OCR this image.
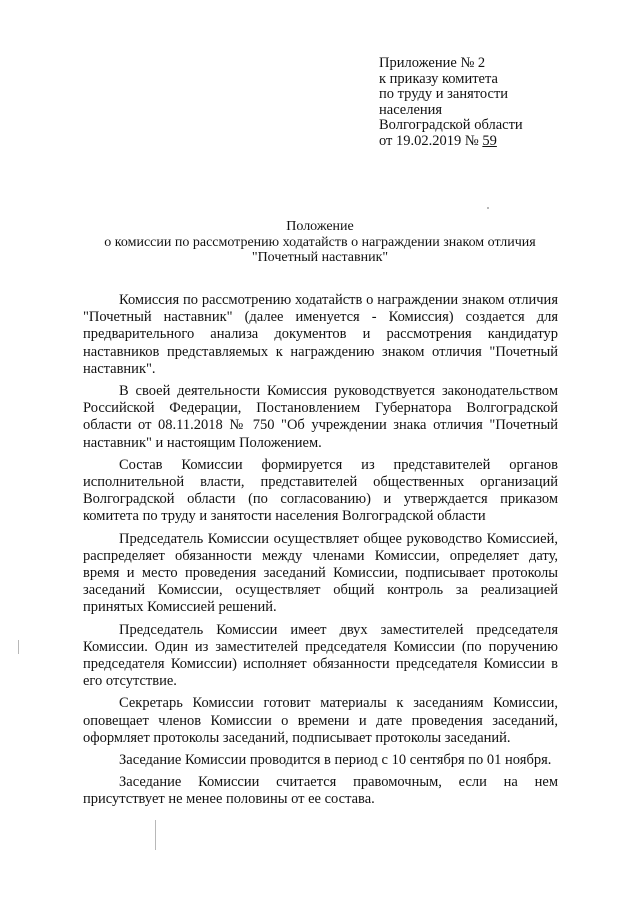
Приложение № 2
к приказу комитета
по труду и занятости
населения
Волгоградской области
от 19.02.2019 № 59
Положение
о комиссии по рассмотрению ходатайств о награждении знаком отличия
"Почетный наставник"

Комиссия по рассмотрению ходатайств о награждении знаком отличия "Почетный наставник" (далее именуется - Комиссия) создается для предварительного анализа документов и рассмотрения кандидатур наставников представляемых к награждению знаком отличия "Почетный наставник".

В своей деятельности Комиссия руководствуется законодательством Российской Федерации, Постановлением Губернатора Волгоградской области от 08.11.2018 № 750 "Об учреждении знака отличия "Почетный наставник" и настоящим Положением.

Состав Комиссии формируется из представителей органов исполнительной власти, представителей общественных организаций Волгоградской области (по согласованию) и утверждается приказом комитета по труду и занятости населения Волгоградской области

Председатель Комиссии осуществляет общее руководство Комиссией, распределяет обязанности между членами Комиссии, определяет дату, время и место проведения заседаний Комиссии, подписывает протоколы заседаний Комиссии, осуществляет общий контроль за реализацией принятых Комиссией решений.

Председатель Комиссии имеет двух заместителей председателя Комиссии. Один из заместителей председателя Комиссии (по поручению председателя Комиссии) исполняет обязанности председателя Комиссии в его отсутствие.

Секретарь Комиссии готовит материалы к заседаниям Комиссии, оповещает членов Комиссии о времени и дате проведения заседаний, оформляет протоколы заседаний, подписывает протоколы заседаний.

Заседание Комиссии проводится в период с 10 сентября по 01 ноября.

Заседание Комиссии считается правомочным, если на нем присутствует не менее половины от ее состава.
